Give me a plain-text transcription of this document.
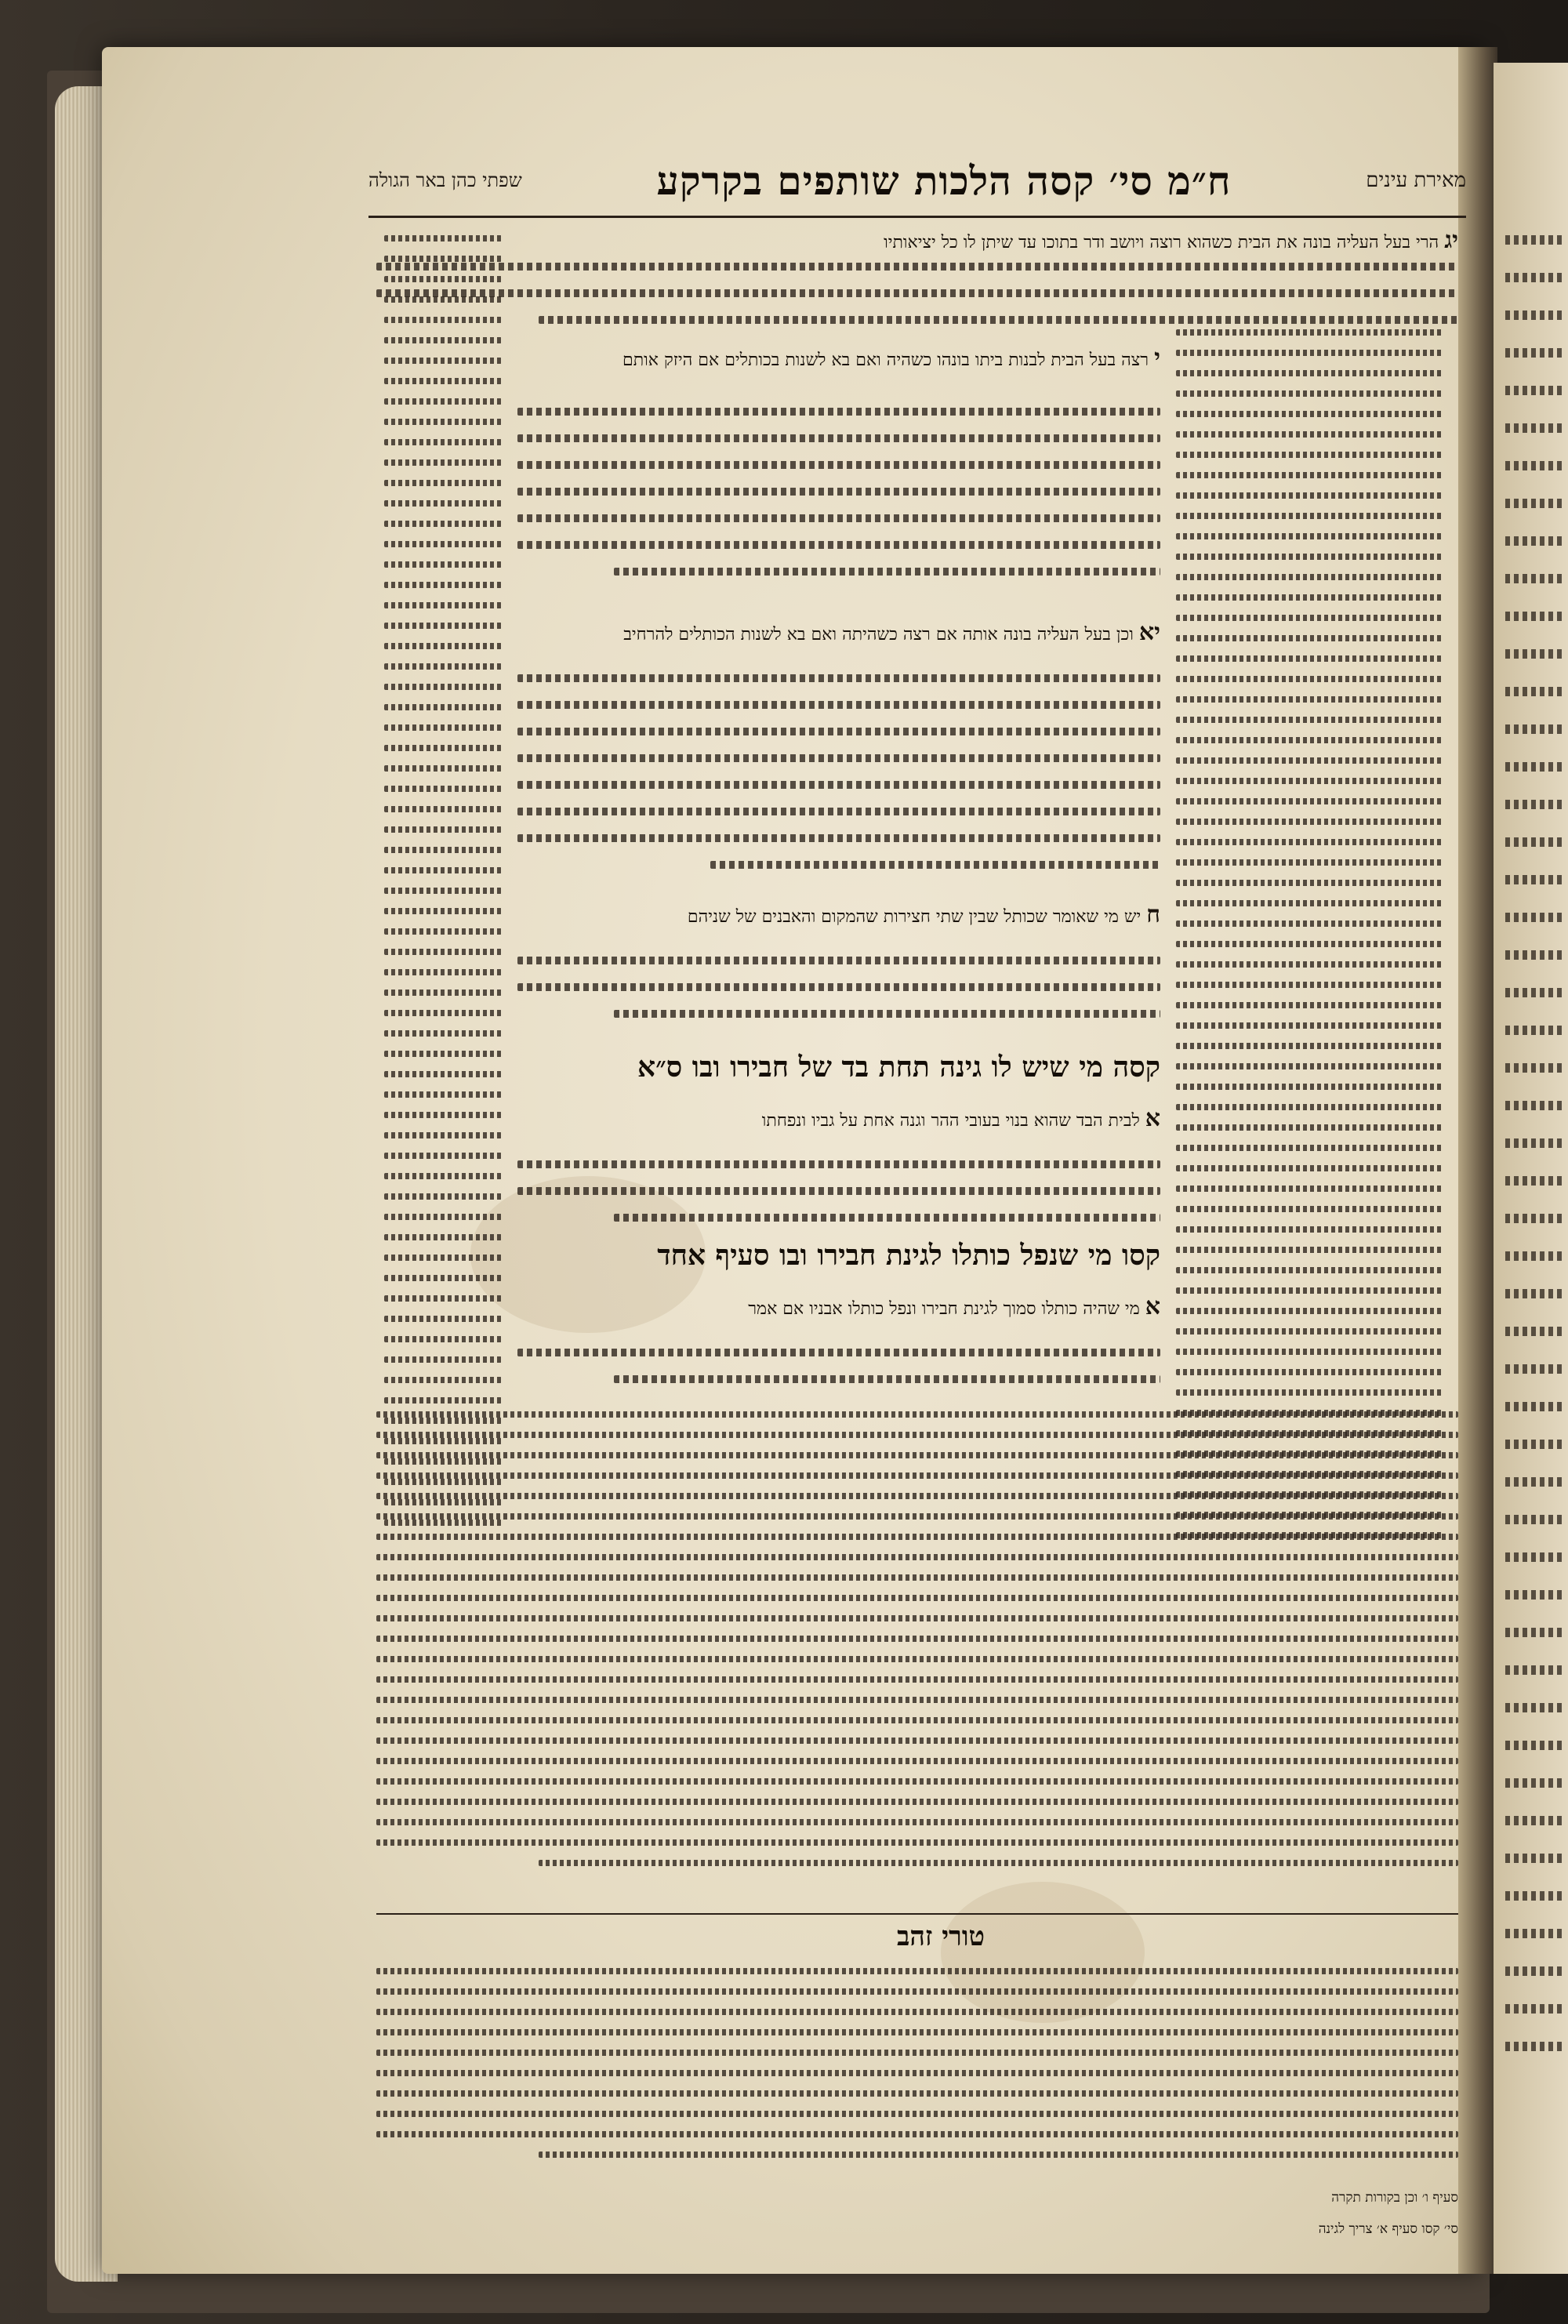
מאירת עינים
ח״מ סי׳ קסה הלכות שותפים בקרקע
שפתי כהן באר הגולה
יג הרי בעל העליה בונה את הבית כשהוא רוצה ויושב ודר בתוכו עד שיתן לו כל יציאותיו
י רצה בעל הבית לבנות ביתו בונהו כשהיה ואם בא לשנות בכותלים אם היזק אותם
יא וכן בעל העליה בונה אותה אם רצה כשהיתה ואם בא לשנות הכותלים להרחיב
ח יש מי שאומר שכותל שבין שתי חצירות שהמקום והאבנים של שניהם
קסה מי שיש לו גינה תחת בד של חבירו ובו ס״א
א לבית הבד שהוא בנוי בעובי ההר וגנה אחת על גביו ונפחתו
קסו מי שנפל כותלו לגינת חבירו ובו סעיף אחד
א מי שהיה כותלו סמוך לגינת חבירו ונפל כותלו אבניו אם אמר
טורי זהב
סעיף ו׳ וכן בקורות תקרה
סי׳ קסו סעיף א׳ צריך לגינה
